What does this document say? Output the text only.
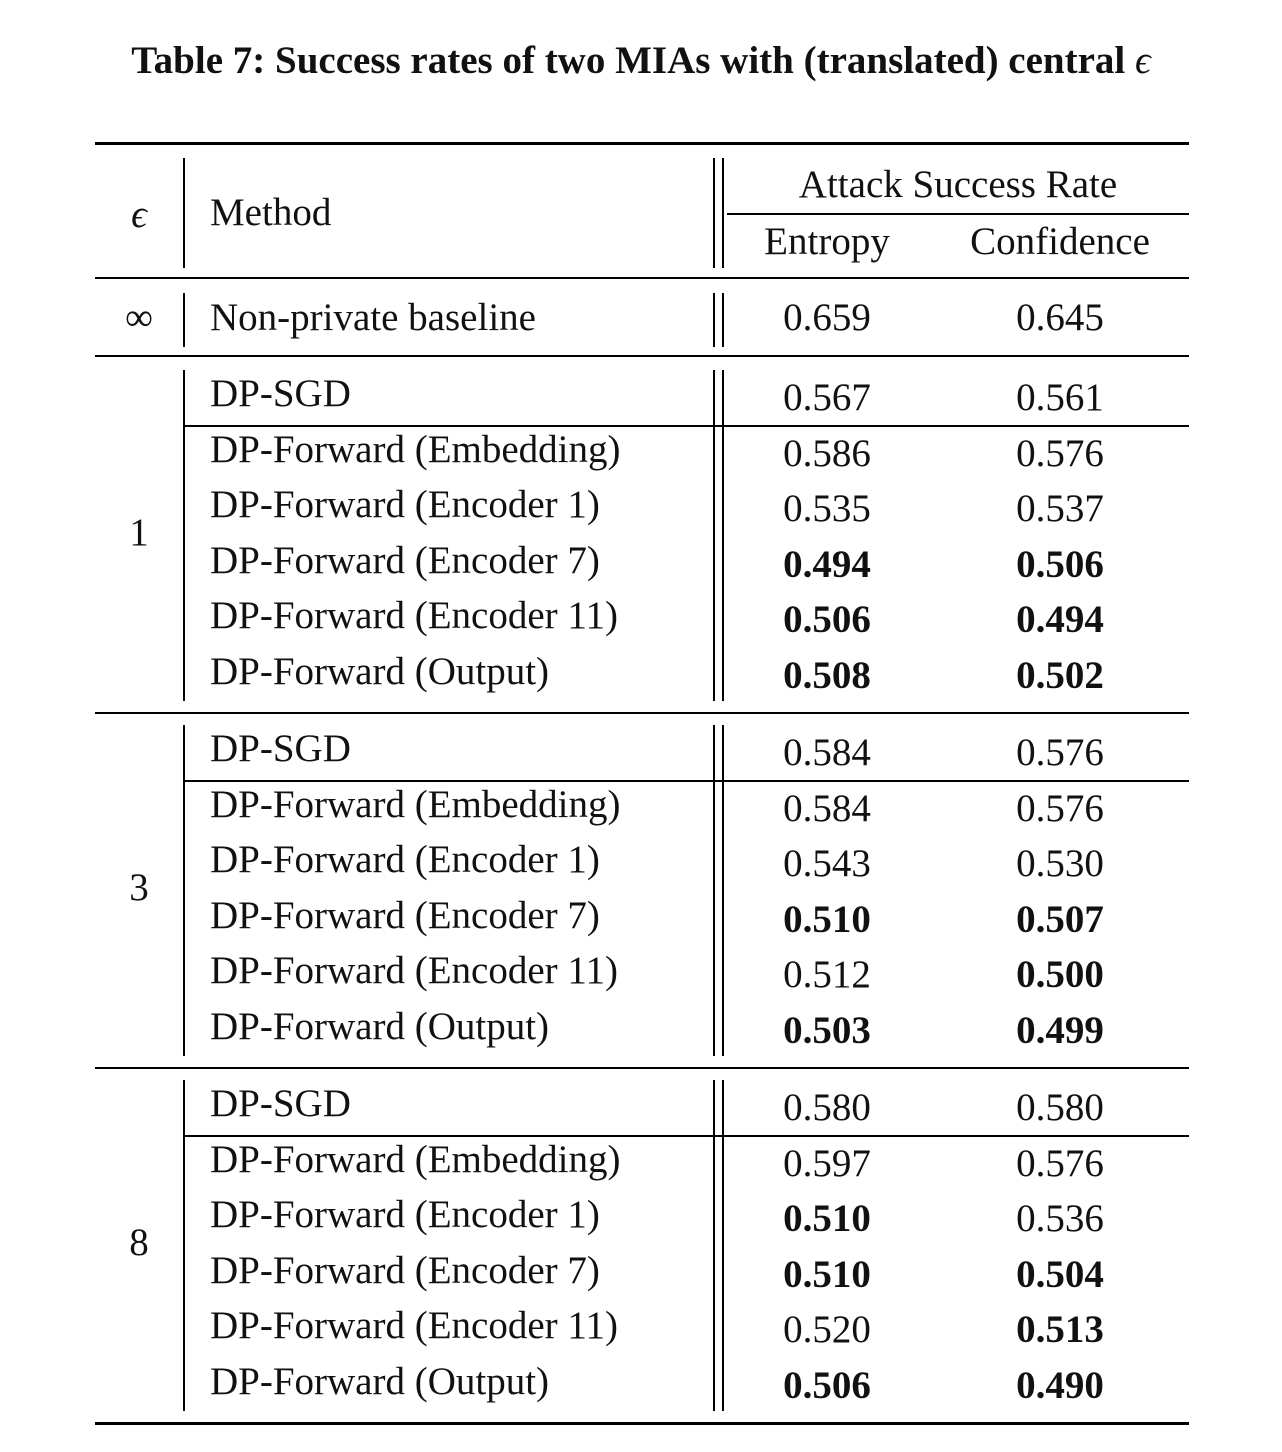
Table 7: Success rates of two MIAs with (translated) central ϵ
ϵ	Method
Attack Success Rate
Entropy	Confidence
∞	Non-private baseline	0.659	0.645
1
DP-SGD	0.567	0.561
DP-Forward (Embedding)	0.586	0.576
DP-Forward (Encoder 1)	0.535	0.537
DP-Forward (Encoder 7)	0.494	0.506
DP-Forward (Encoder 11)	0.506	0.494
DP-Forward (Output)	0.508	0.502
3
DP-SGD	0.584	0.576
DP-Forward (Embedding)	0.584	0.576
DP-Forward (Encoder 1)	0.543	0.530
DP-Forward (Encoder 7)	0.510	0.507
DP-Forward (Encoder 11)	0.512	0.500
DP-Forward (Output)	0.503	0.499
8
DP-SGD	0.580	0.580
DP-Forward (Embedding)	0.597	0.576
DP-Forward (Encoder 1)	0.510	0.536
DP-Forward (Encoder 7)	0.510	0.504
DP-Forward (Encoder 11)	0.520	0.513
DP-Forward (Output)	0.506	0.490
